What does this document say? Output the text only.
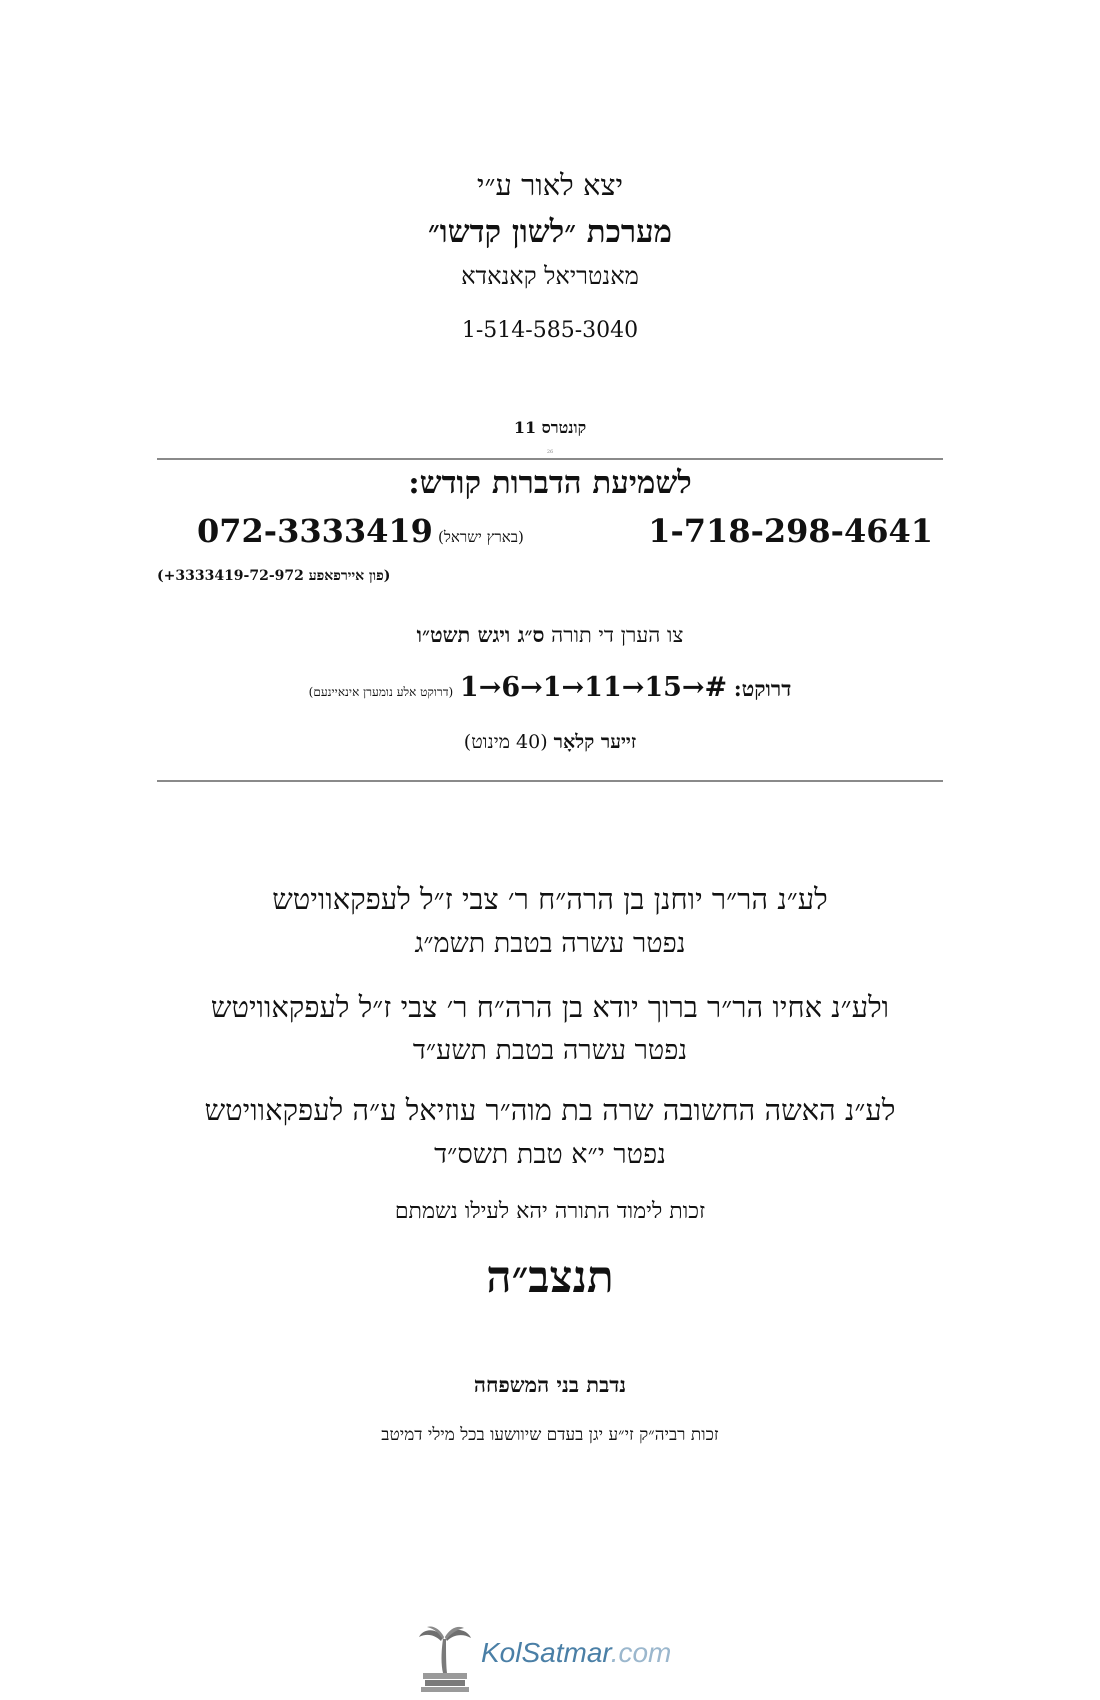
יצא לאור ע״י
מערכת ״לשון קדשו״
מאנטריאל קאנאדא
1-514-585-3040
קונטרס 11
26
לשמיעת הדברות קודש:
1-718-298-4641
072-3333419 (בארץ ישראל)
(פון איירפאפע 3333419-72-972+)
צו הערן די תורה ס״ג ויגש תשט״ו
דרוקט: 1→6→1→11→15→# (דרוקט אלע נומערן אינאיינעם)
זייער קלאָר (40 מינוט)
לע״נ הר״ר יוחנן בן הרה״ח ר׳ צבי ז״ל לעפקאוויטש
נפטר עשרה בטבת תשמ״ג
ולע״נ אחיו הר״ר ברוך יודא בן הרה״ח ר׳ צבי ז״ל לעפקאוויטש
נפטר עשרה בטבת תשע״ד
לע״נ האשה החשובה שרה בת מוה״ר עוזיאל ע״ה לעפקאוויטש
נפטר י״א טבת תשס״ד
זכות לימוד התורה יהא לעילו נשמתם
תנצב״ה
נדבת בני המשפחה
זכות רביה״ק זי״ע יגן בעדם שיוושעו בכל מילי דמיטב
KolSatmar.com
